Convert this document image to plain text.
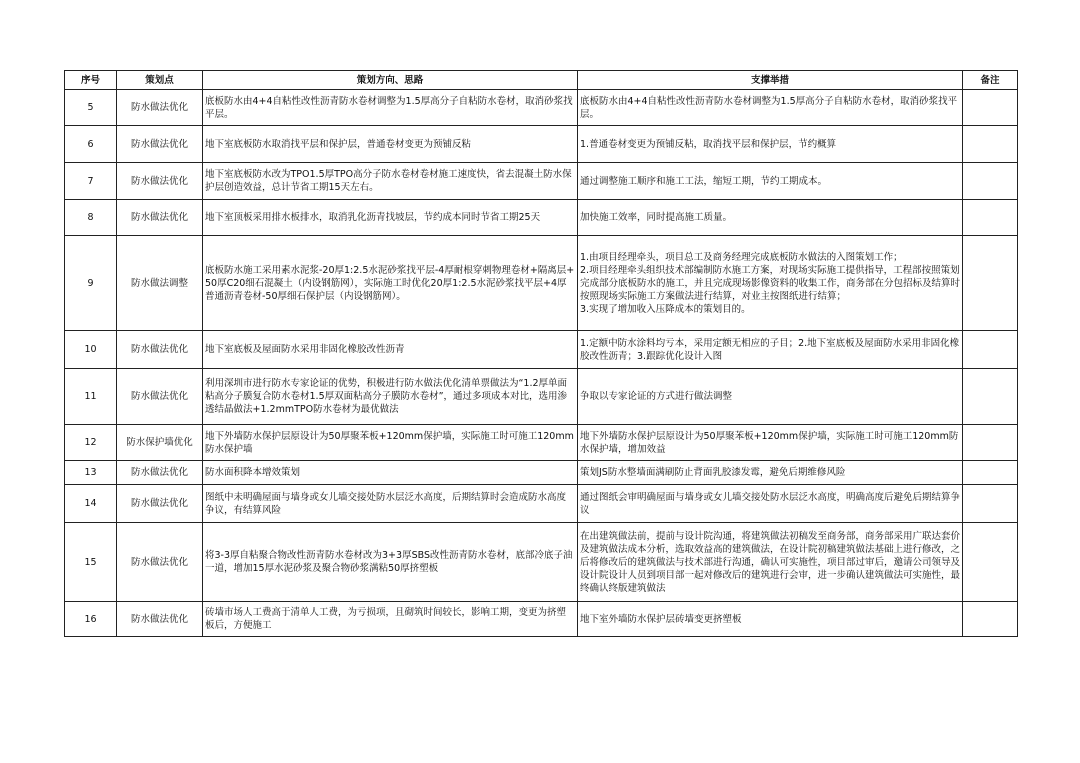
序号	策划点	策划方向、思路	支撑举措	备注
5	防水做法优化	底板防水由4+4自粘性改性沥青防水卷材调整为1.5厚高分子自粘防水卷材，取消砂浆找平层。	底板防水由4+4自粘性改性沥青防水卷材调整为1.5厚高分子自粘防水卷材，取消砂浆找平层。	
6	防水做法优化	地下室底板防水取消找平层和保护层，普通卷材变更为预铺反粘	1.普通卷材变更为预铺反粘，取消找平层和保护层，节约概算	
7	防水做法优化	地下室底板防水改为TPO1.5厚TPO高分子防水卷材卷材施工速度快，省去混凝土防水保护层创造效益，总计节省工期15天左右。	通过调整施工顺序和施工工法，缩短工期，节约工期成本。	
8	防水做法优化	地下室顶板采用排水板排水，取消乳化沥青找坡层，节约成本同时节省工期25天	加快施工效率，同时提高施工质量。	
9	防水做法调整	底板防水施工采用素水泥浆-20厚1:2.5水泥砂浆找平层-4厚耐根穿刺物理卷材+隔离层+50厚C20细石混凝土（内设钢筋网），实际施工时优化20厚1:2.5水泥砂浆找平层+4厚普通沥青卷材-50厚细石保护层（内设钢筋网）。	1.由项目经理牵头，项目总工及商务经理完成底板防水做法的入图策划工作；
2.项目经理牵头组织技术部编制防水施工方案，对现场实际施工提供指导，工程部按照策划完成部分底板防水的施工，并且完成现场影像资料的收集工作，商务部在分包招标及结算时按照现场实际施工方案做法进行结算，对业主按图纸进行结算；
3.实现了增加收入压降成本的策划目的。	
10	防水做法优化	地下室底板及屋面防水采用非固化橡胶改性沥青	1.定额中防水涂料均亏本，采用定额无相应的子目；2.地下室底板及屋面防水采用非固化橡胶改性沥青；3.跟踪优化设计入图	
11	防水做法优化	利用深圳市进行防水专家论证的优势，积极进行防水做法优化清单票做法为“1.2厚单面粘高分子膜复合防水卷材1.5厚双面粘高分子膜防水卷材”，通过多项成本对比，选用渗透结晶做法+1.2mmTPO防水卷材为最优做法	争取以专家论证的方式进行做法调整	
12	防水保护墙优化	地下外墙防水保护层原设计为50厚聚苯板+120mm保护墙，实际施工时可施工120mm防水保护墙	地下外墙防水保护层原设计为50厚聚苯板+120mm保护墙，实际施工时可施工120mm防水保护墙，增加效益	
13	防水做法优化	防水面积降本增效策划	策划JS防水整墙面满刷防止背面乳胶漆发霉，避免后期维修风险	
14	防水做法优化	图纸中未明确屋面与墙身或女儿墙交接处防水层泛水高度，后期结算时会造成防水高度争议，有结算风险	通过图纸会审明确屋面与墙身或女儿墙交接处防水层泛水高度，明确高度后避免后期结算争议	
15	防水做法优化	将3-3厚自粘聚合物改性沥青防水卷材改为3+3厚SBS改性沥青防水卷材，底部冷底子油一道，增加15厚水泥砂浆及聚合物砂浆满粘50厚挤塑板	在出建筑做法前，提前与设计院沟通，将建筑做法初稿发至商务部，商务部采用广联达套价及建筑做法成本分析，选取效益高的建筑做法，在设计院初稿建筑做法基础上进行修改，之后将修改后的建筑做法与技术部进行沟通，确认可实施性，项目部过审后，邀请公司领导及设计院设计人员到项目部一起对修改后的建筑进行会审，进一步确认建筑做法可实施性，最终确认终版建筑做法	
16	防水做法优化	砖墙市场人工费高于清单人工费，为亏损项，且砌筑时间较长，影响工期，变更为挤塑板后，方便施工	地下室外墙防水保护层砖墙变更挤塑板	
